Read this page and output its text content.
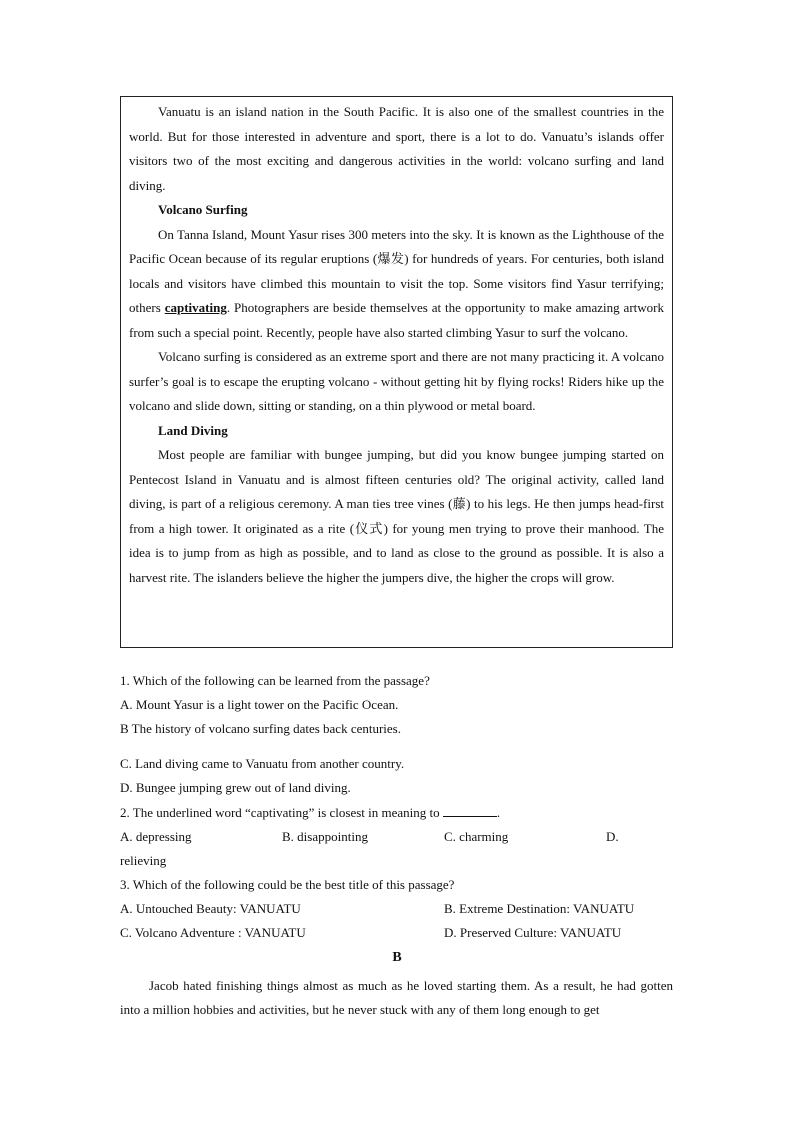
Vanuatu is an island nation in the South Pacific. It is also one of the smallest countries in the world. But for those interested in adventure and sport, there is a lot to do. Vanuatu’s islands offer visitors two of the most exciting and dangerous activities in the world: volcano surfing and land diving.

Volcano Surfing

On Tanna Island, Mount Yasur rises 300 meters into the sky. It is known as the Lighthouse of the Pacific Ocean because of its regular eruptions (爆发) for hundreds of years. For centuries, both island locals and visitors have climbed this mountain to visit the top. Some visitors find Yasur terrifying; others captivating. Photographers are beside themselves at the opportunity to make amazing artwork from such a special point. Recently, people have also started climbing Yasur to surf the volcano.

Volcano surfing is considered as an extreme sport and there are not many practicing it. A volcano surfer’s goal is to escape the erupting volcano - without getting hit by flying rocks! Riders hike up the volcano and slide down, sitting or standing, on a thin plywood or metal board.

Land Diving

Most people are familiar with bungee jumping, but did you know bungee jumping started on Pentecost Island in Vanuatu and is almost fifteen centuries old? The original activity, called land diving, is part of a religious ceremony. A man ties tree vines (藤) to his legs. He then jumps head-first from a high tower. It originated as a rite (仪式) for young men trying to prove their manhood. The idea is to jump from as high as possible, and to land as close to the ground as possible. It is also a harvest rite. The islanders believe the higher the jumpers dive, the higher the crops will grow.

1. Which of the following can be learned from the passage?

A. Mount Yasur is a light tower on the Pacific Ocean.

B The history of volcano surfing dates back centuries.

C. Land diving came to Vanuatu from another country.

D. Bungee jumping grew out of land diving.

2. The underlined word “captivating” is closest in meaning to	.

A. depressing	B. disappointing	C. charming	D.

relieving

3. Which of the following could be the best title of this passage?

A. Untouched Beauty: VANUATU	B. Extreme Destination: VANUATU
C. Volcano Adventure : VANUATU	D. Preserved Culture: VANUATU

B

Jacob hated finishing things almost as much as he loved starting them. As a result, he had gotten into a million hobbies and activities, but he never stuck with any of them long enough to get
